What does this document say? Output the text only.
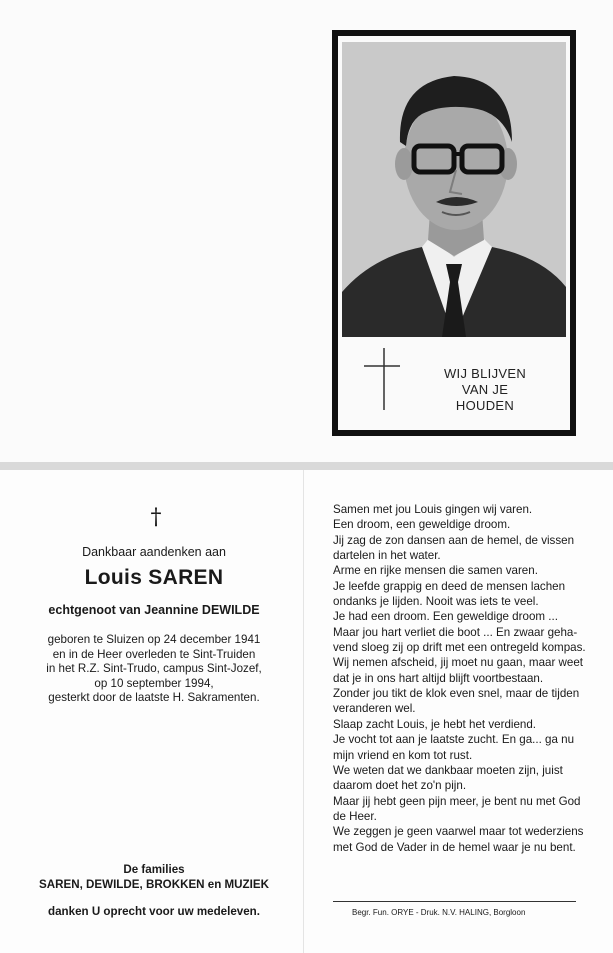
WIJ BLIJVEN
VAN JE
HOUDEN
†
Dankbaar aandenken aan
Louis SAREN
echtgenoot van Jeannine DEWILDE
geboren te Sluizen op 24 december 1941
en in de Heer overleden te Sint-Truiden
in het R.Z. Sint-Trudo, campus Sint-Jozef,
op 10 september 1994,
gesterkt door de laatste H. Sakramenten.
De families
SAREN, DEWILDE, BROKKEN en MUZIEK
danken U oprecht voor uw medeleven.
Samen met jou Louis gingen wij varen.
Een droom, een geweldige droom.
Jij zag de zon dansen aan de hemel, de vissen
dartelen in het water.
Arme en rijke mensen die samen varen.
Je leefde grappig en deed de mensen lachen
ondanks je lijden. Nooit was iets te veel.
Je had een droom. Een geweldige droom ...
Maar jou hart verliet die boot ... En zwaar geha-
vend sloeg zij op drift met een ontregeld kompas.
Wij nemen afscheid, jij moet nu gaan, maar weet
dat je in ons hart altijd blijft voortbestaan.
Zonder jou tikt de klok even snel, maar de tijden
veranderen wel.
Slaap zacht Louis, je hebt het verdiend.
Je vocht tot aan je laatste zucht. En ga... ga nu
mijn vriend en kom tot rust.
We weten dat we dankbaar moeten zijn, juist
daarom doet het zo'n pijn.
Maar jij hebt geen pijn meer, je bent nu met God
de Heer.
We zeggen je geen vaarwel maar tot wederziens
met God de Vader in de hemel waar je nu bent.
Begr. Fun. ORYE - Druk. N.V. HALING, Borgloon
